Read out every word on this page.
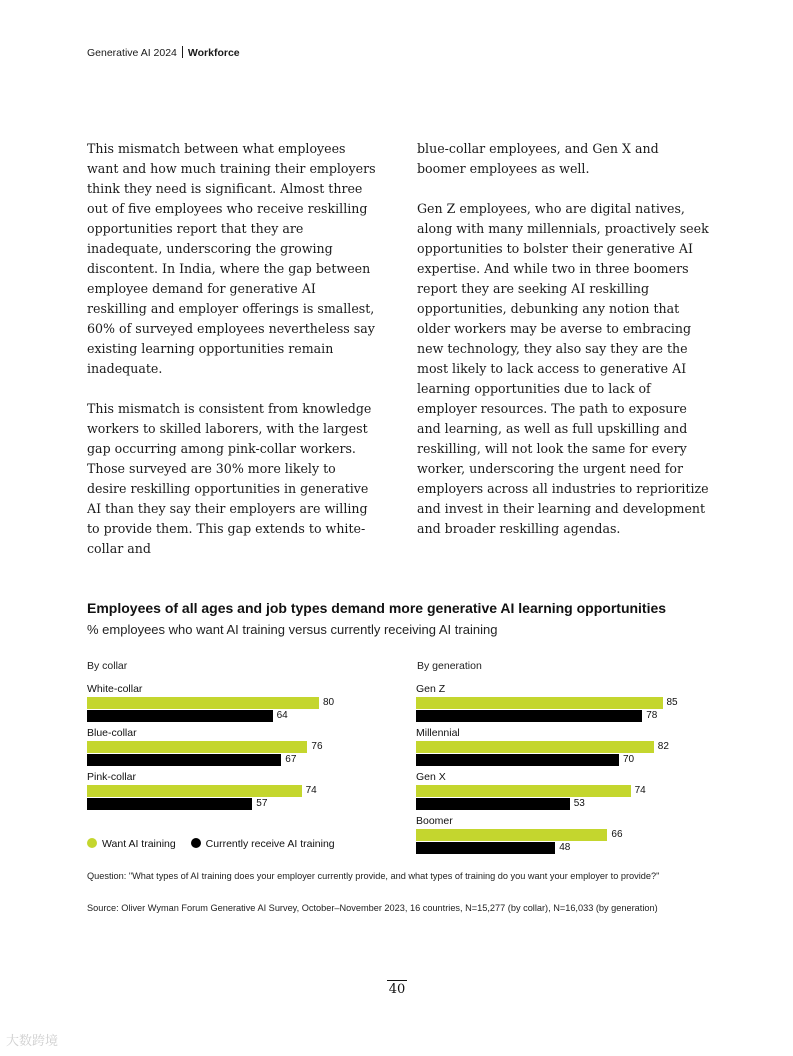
Generative AI 2024 Workforce

This mismatch between what employees want and how much training their employers think they need is significant. Almost three out of five employees who receive reskilling opportunities report that they are inadequate, underscoring the growing discontent. In India, where the gap between employee demand for generative AI reskilling and employer offerings is smallest, 60% of surveyed employees nevertheless say existing learning opportunities remain inadequate.

This mismatch is consistent from knowledge workers to skilled laborers, with the largest gap occurring among pink-collar workers. Those surveyed are 30% more likely to desire reskilling opportunities in generative AI than they say their employers are willing to provide them. This gap extends to white-collar and

blue-collar employees, and Gen X and boomer employees as well.

Gen Z employees, who are digital natives, along with many millennials, proactively seek opportunities to bolster their generative AI expertise. And while two in three boomers report they are seeking AI reskilling opportunities, debunking any notion that older workers may be averse to embracing new technology, they also say they are the most likely to lack access to generative AI learning opportunities due to lack of employer resources. The path to exposure and learning, as well as full upskilling and reskilling, will not look the same for every worker, underscoring the urgent need for employers across all industries to reprioritize and invest in their learning and development and broader reskilling agendas.

Employees of all ages and job types demand more generative AI learning opportunities
% employees who want AI training versus currently receiving AI training
By collar	By generation
White-collar
80
64
Blue-collar
76
67
Pink-collar
74
57
Gen Z
85
78
Millennial
82
70
Gen X
74
53
Boomer
66
48
Want AI training	Currently receive AI training
Question: "What types of AI training does your employer currently provide, and what types of training do you want your employer to provide?"
Source: Oliver Wyman Forum Generative AI Survey, October–November 2023, 16 countries, N=15,277 (by collar), N=16,033 (by generation)
40
大数跨境
